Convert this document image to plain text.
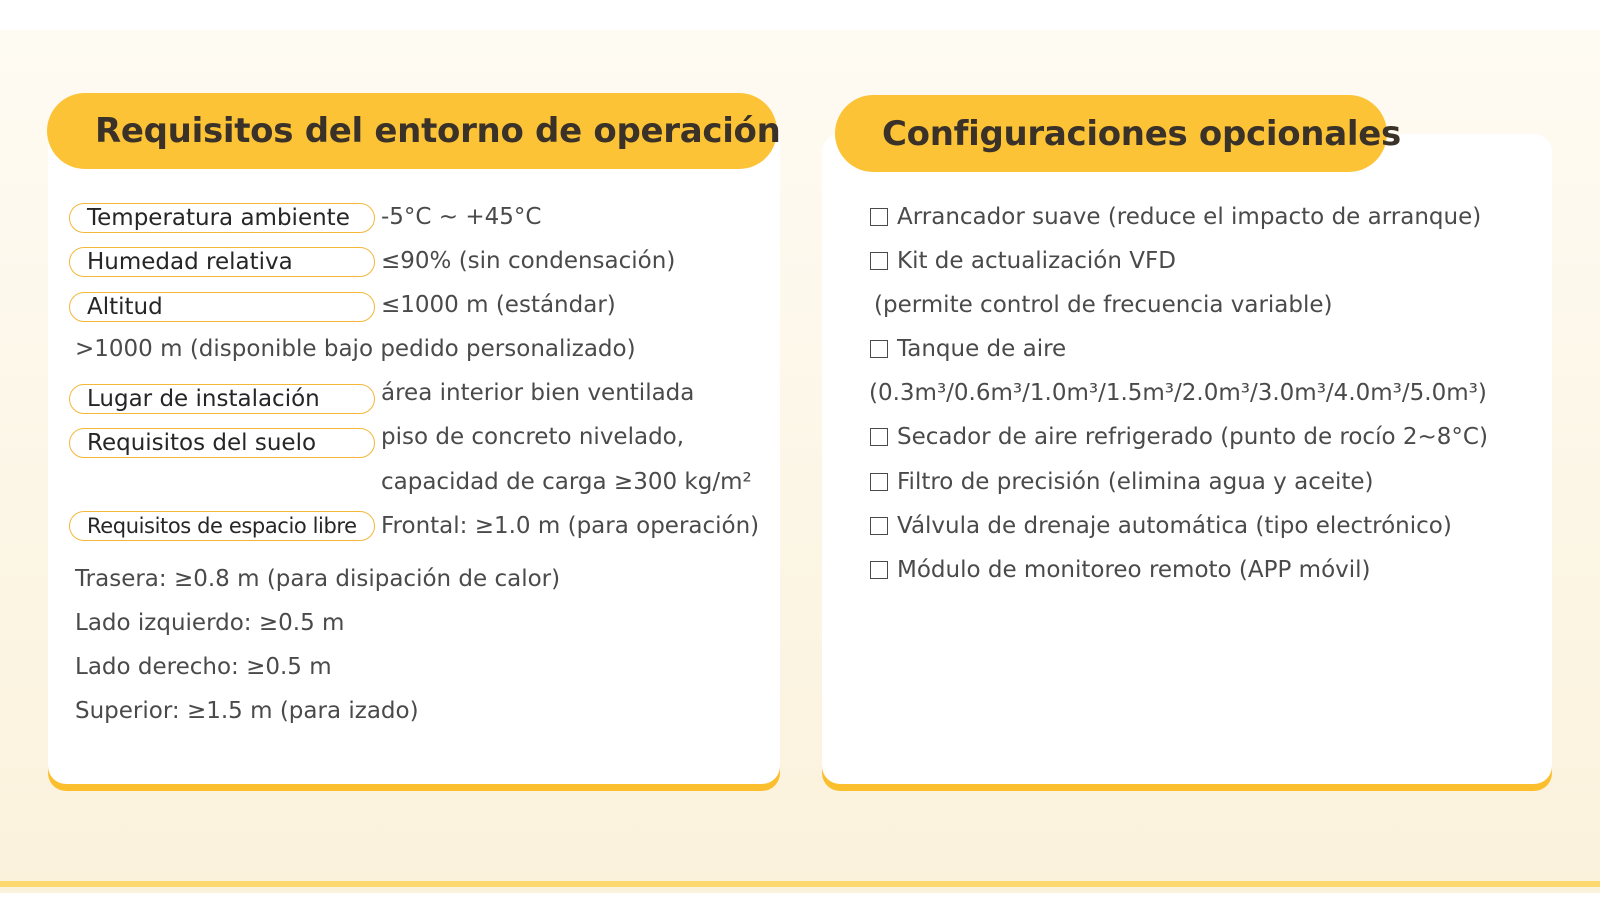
Requisitos del entorno de operación
Temperatura ambiente	-5°C ~ +45°C
Humedad relativa	≤90% (sin condensación)
Altitud	≤1000 m (estándar)
>1000 m (disponible bajo pedido personalizado)
Lugar de instalación	área interior bien ventilada
Requisitos del suelo	piso de concreto nivelado,
capacidad de carga ≥300 kg/m²
Requisitos de espacio libre	Frontal: ≥1.0 m (para operación)
Trasera: ≥0.8 m (para disipación de calor)
Lado izquierdo: ≥0.5 m
Lado derecho: ≥0.5 m
Superior: ≥1.5 m (para izado)
Configuraciones opcionales
Arrancador suave (reduce el impacto de arranque)
Kit de actualización VFD
(permite control de frecuencia variable)
Tanque de aire
(0.3m³/0.6m³/1.0m³/1.5m³/2.0m³/3.0m³/4.0m³/5.0m³)
Secador de aire refrigerado (punto de rocío 2~8°C)
Filtro de precisión (elimina agua y aceite)
Válvula de drenaje automática (tipo electrónico)
Módulo de monitoreo remoto (APP móvil)
